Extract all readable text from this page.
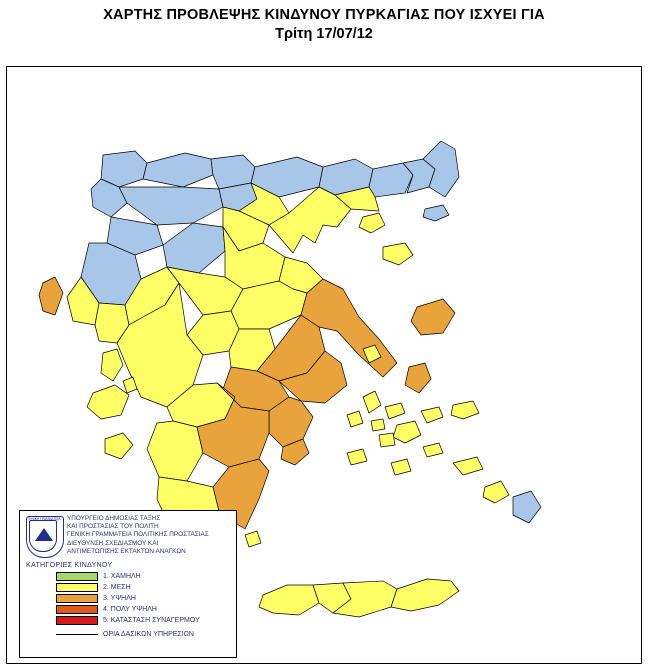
ΧΑΡΤΗΣ ΠΡΟΒΛΕΨΗΣ ΚΙΝΔΥΝΟΥ ΠΥΡΚΑΓΙΑΣ ΠΟΥ ΙΣΧΥΕΙ ΓΙΑ
Τρίτη 17/07/12
ΓΕΝΙΚΗ ΓΡΑΜΜΑΤΕΙΑ	ΥΠΟΥΡΓΕΙΟ ΔΗΜΟΣΙΑΣ ΤΑΞΗΣ
ΚΑΙ ΠΡΟΣΤΑΣΙΑΣ ΤΟΥ ΠΟΛΙΤΗ
ΓΕΝΙΚΗ ΓΡΑΜΜΑΤΕΙΑ ΠΟΛΙΤΙΚΗΣ ΠΡΟΣΤΑΣΙΑΣ
ΔΙΕΥΘΥΝΣΗ ΣΧΕΔΙΑΣΜΟΥ ΚΑΙ
ΑΝΤΙΜΕΤΩΠΙΣΗΣ ΕΚΤΑΚΤΩΝ ΑΝΑΓΚΩΝ
ΚΑΤΗΓΟΡΙΕΣ ΚΙΝΔΥΝΟΥ
1. ΧΑΜΗΛΗ
2. ΜΕΣΗ
3. ΥΨΗΛΗ
4. ΠΟΛΥ ΥΨΗΛΗ
5. ΚΑΤΑΣΤΑΣΗ ΣΥΝΑΓΕΡΜΟΥ
ΟΡΙΑ ΔΑΣΙΚΩΝ ΥΠΗΡΕΣΙΩΝ
